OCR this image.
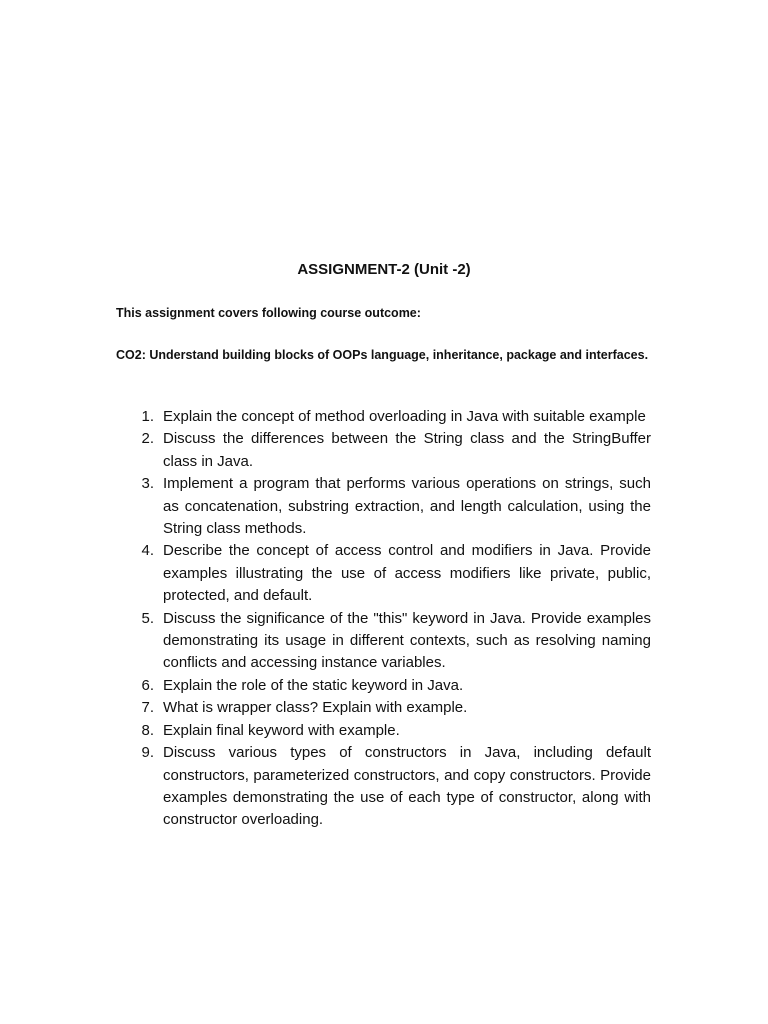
ASSIGNMENT-2 (Unit -2)
This assignment covers following course outcome:
CO2: Understand building blocks of OOPs language, inheritance, package and interfaces.
1. Explain the concept of method overloading in Java with suitable example
2. Discuss the differences between the String class and the StringBuffer class in Java.
3. Implement a program that performs various operations on strings, such as concatenation, substring extraction, and length calculation, using the String class methods.
4. Describe the concept of access control and modifiers in Java. Provide examples illustrating the use of access modifiers like private, public, protected, and default.
5. Discuss the significance of the "this" keyword in Java. Provide examples demonstrating its usage in different contexts, such as resolving naming conflicts and accessing instance variables.
6. Explain the role of the static keyword in Java.
7. What is wrapper class? Explain with example.
8. Explain final keyword with example.
9. Discuss various types of constructors in Java, including default constructors, parameterized constructors, and copy constructors. Provide examples demonstrating the use of each type of constructor, along with constructor overloading.
